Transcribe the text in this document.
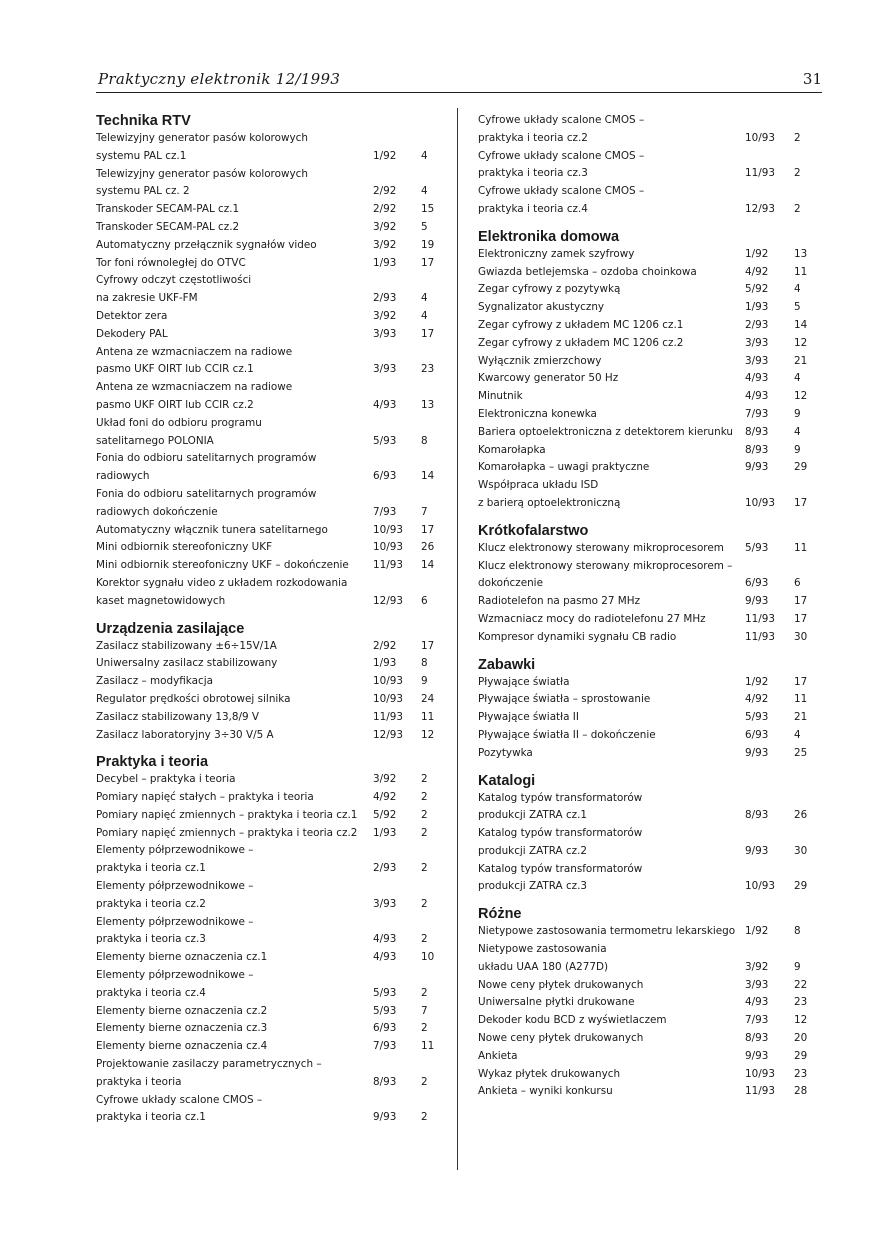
Praktyczny elektronik 12/1993	31
Technika RTV
Telewizyjny generator pasów kolorowych
systemu PAL cz.1	1/92	4
Telewizyjny generator pasów kolorowych
systemu PAL cz. 2	2/92	4
Transkoder SECAM-PAL cz.1	2/92	15
Transkoder SECAM-PAL cz.2	3/92	5
Automatyczny przełącznik sygnałów video	3/92	19
Tor foni równoległej do OTVC	1/93	17
Cyfrowy odczyt częstotliwości
na zakresie UKF-FM	2/93	4
Detektor zera	3/92	4
Dekodery PAL	3/93	17
Antena ze wzmacniaczem na radiowe
pasmo UKF OIRT lub CCIR cz.1	3/93	23
Antena ze wzmacniaczem na radiowe
pasmo UKF OIRT lub CCIR cz.2	4/93	13
Układ foni do odbioru programu
satelitarnego POLONIA	5/93	8
Fonia do odbioru satelitarnych programów
radiowych	6/93	14
Fonia do odbioru satelitarnych programów
radiowych dokończenie	7/93	7
Automatyczny włącznik tunera satelitarnego	10/93	17
Mini odbiornik stereofoniczny UKF	10/93	26
Mini odbiornik stereofoniczny UKF – dokończenie	11/93	14
Korektor sygnału video z układem rozkodowania
kaset magnetowidowych	12/93	6
Urządzenia zasilające
Zasilacz stabilizowany ±6÷15V/1A	2/92	17
Uniwersalny zasilacz stabilizowany	1/93	8
Zasilacz – modyfikacja	10/93	9
Regulator prędkości obrotowej silnika	10/93	24
Zasilacz stabilizowany 13,8/9 V	11/93	11
Zasilacz laboratoryjny 3÷30 V/5 A	12/93	12
Praktyka i teoria
Decybel – praktyka i teoria	3/92	2
Pomiary napięć stałych – praktyka i teoria	4/92	2
Pomiary napięć zmiennych – praktyka i teoria cz.1	5/92	2
Pomiary napięć zmiennych – praktyka i teoria cz.2	1/93	2
Elementy półprzewodnikowe –
praktyka i teoria cz.1	2/93	2
Elementy półprzewodnikowe –
praktyka i teoria cz.2	3/93	2
Elementy półprzewodnikowe –
praktyka i teoria cz.3	4/93	2
Elementy bierne oznaczenia cz.1	4/93	10
Elementy półprzewodnikowe –
praktyka i teoria cz.4	5/93	2
Elementy bierne oznaczenia cz.2	5/93	7
Elementy bierne oznaczenia cz.3	6/93	2
Elementy bierne oznaczenia cz.4	7/93	11
Projektowanie zasilaczy parametrycznych –
praktyka i teoria	8/93	2
Cyfrowe układy scalone CMOS –
praktyka i teoria cz.1	9/93	2
Cyfrowe układy scalone CMOS –
praktyka i teoria cz.2	10/93	2
Cyfrowe układy scalone CMOS –
praktyka i teoria cz.3	11/93	2
Cyfrowe układy scalone CMOS –
praktyka i teoria cz.4	12/93	2
Elektronika domowa
Elektroniczny zamek szyfrowy	1/92	13
Gwiazda betlejemska – ozdoba choinkowa	4/92	11
Zegar cyfrowy z pozytywką	5/92	4
Sygnalizator akustyczny	1/93	5
Zegar cyfrowy z układem MC 1206 cz.1	2/93	14
Zegar cyfrowy z układem MC 1206 cz.2	3/93	12
Wyłącznik zmierzchowy	3/93	21
Kwarcowy generator 50 Hz	4/93	4
Minutnik	4/93	12
Elektroniczna konewka	7/93	9
Bariera optoelektroniczna z detektorem kierunku	8/93	4
Komarołapka	8/93	9
Komarołapka – uwagi praktyczne	9/93	29
Współpraca układu ISD
z barierą optoelektroniczną	10/93	17
Krótkofalarstwo
Klucz elektronowy sterowany mikroprocesorem	5/93	11
Klucz elektronowy sterowany mikroprocesorem –
dokończenie	6/93	6
Radiotelefon na pasmo 27 MHz	9/93	17
Wzmacniacz mocy do radiotelefonu 27 MHz	11/93	17
Kompresor dynamiki sygnału CB radio	11/93	30
Zabawki
Pływające światła	1/92	17
Pływające światła – sprostowanie	4/92	11
Pływające światła II	5/93	21
Pływające światła II – dokończenie	6/93	4
Pozytywka	9/93	25
Katalogi
Katalog typów transformatorów
produkcji ZATRA cz.1	8/93	26
Katalog typów transformatorów
produkcji ZATRA cz.2	9/93	30
Katalog typów transformatorów
produkcji ZATRA cz.3	10/93	29
Różne
Nietypowe zastosowania termometru lekarskiego 1/92	8
Nietypowe zastosowania
układu UAA 180 (A277D)	3/92	9
Nowe ceny płytek drukowanych	3/93	22
Uniwersalne płytki drukowane	4/93	23
Dekoder kodu BCD z wyświetlaczem	7/93	12
Nowe ceny płytek drukowanych	8/93	20
Ankieta	9/93	29
Wykaz płytek drukowanych	10/93	23
Ankieta – wyniki konkursu	11/93	28
